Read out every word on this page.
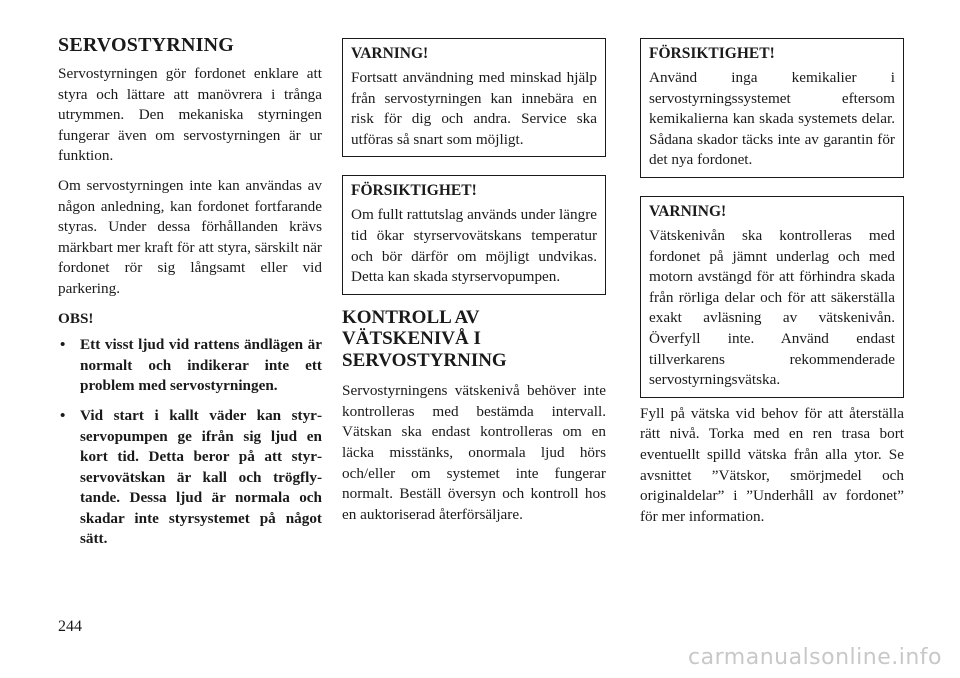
SERVOSTYRNING

Servostyrningen gör fordonet enklare att styra och lättare att manövrera i trånga utrymmen. Den mekaniska styrningen fungerar även om servostyrningen är ur funktion.

Om servostyrningen inte kan användas av någon anledning, kan fordonet fortfarande styras. Under dessa förhållanden krävs märkbart mer kraft för att styra, särskilt när fordonet rör sig långsamt eller vid parkering.

OBS!

• Ett visst ljud vid rattens ändlägen är normalt och indikerar inte ett problem med servostyrningen.
• Vid start i kallt väder kan styrservopumpen ge ifrån sig ljud en kort tid. Detta beror på att styrservovätskan är kall och trögflytande. Dessa ljud är normala och skadar inte styrsystemet på något sätt.

VARNING!

Fortsatt användning med minskad hjälp från servostyrningen kan innebära en risk för dig och andra. Service ska utföras så snart som möjligt.

FÖRSIKTIGHET!

Om fullt rattutslag används under längre tid ökar styrservovätskans temperatur och bör därför om möjligt undvikas. Detta kan skada styrservopumpen.

KONTROLL AV VÄTSKENIVÅ I SERVOSTYRNING

Servostyrningens vätskenivå behöver inte kontrolleras med bestämda intervall. Vätskan ska endast kontrolleras om en läcka misstänks, onormala ljud hörs och/eller om systemet inte fungerar normalt. Beställ översyn och kontroll hos en auktoriserad återförsäljare.

FÖRSIKTIGHET!

Använd inga kemikalier i servostyrningssystemet eftersom kemikalierna kan skada systemets delar. Sådana skador täcks inte av garantin för det nya fordonet.

VARNING!

Vätskenivån ska kontrolleras med fordonet på jämnt underlag och med motorn avstängd för att förhindra skada från rörliga delar och för att säkerställa exakt avläsning av vätskenivån. Överfyll inte. Använd endast tillverkarens rekommenderade servostyrningsvätska.

Fyll på vätska vid behov för att återställa rätt nivå. Torka med en ren trasa bort eventuellt spilld vätska från alla ytor. Se avsnittet ”Vätskor, smörjmedel och originaldelar” i ”Underhåll av fordonet” för mer information.

244
carmanualsonline.info
